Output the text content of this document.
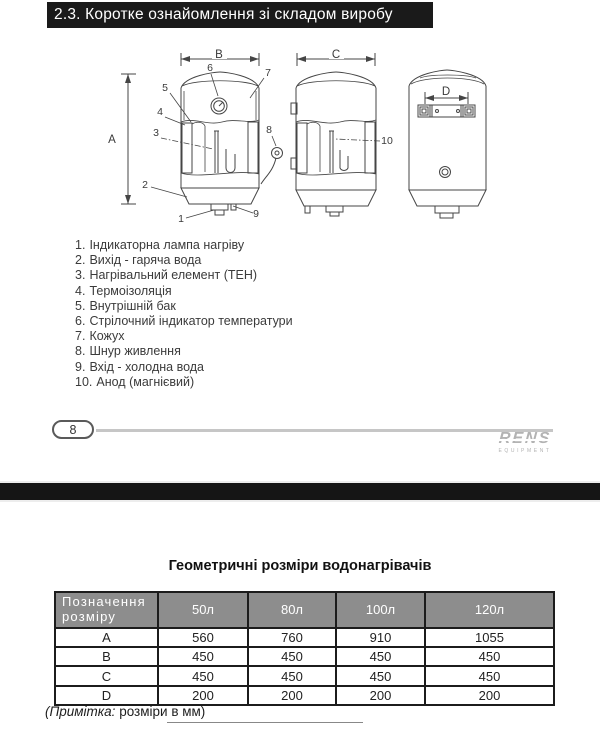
2.3. Коротке ознайомлення зі складом виробу
A
B	C
D
6	7
5
4
3
2
1	9
8
10
1. Індикаторна лампа нагріву
2. Вихід - гаряча вода
3. Нагрівальний елемент (ТЕН)
4. Термоізоляція
5. Внутрішній бак
6. Стрілочний індикатор температури
7. Кожух
8. Шнур живлення
9. Вхід - холодна вода
10. Анод (магнієвий)
8
EQUIPMENT
Геометричні розміри водонагрівачів
Позначення розміру	50л	80л	100л	120л
A	560	760	910	1055
B	450	450	450	450
C	450	450	450	450
D	200	200	200	200
(Примітка: розміри в мм)
